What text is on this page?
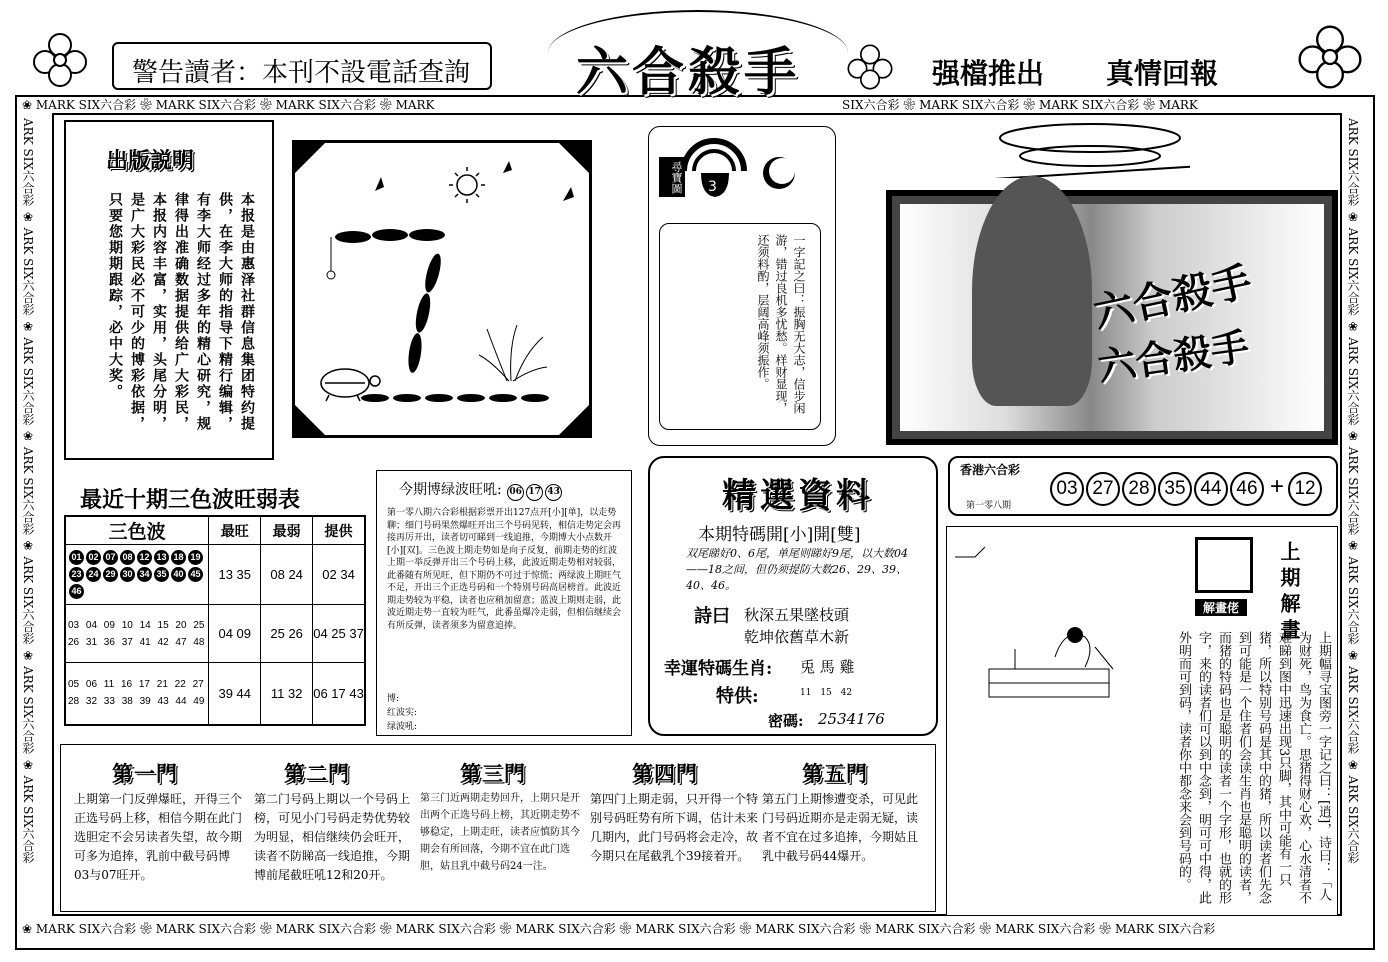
警告讀者：本刊不設電話查詢 六合殺手	强檔推出 真情回報
❀ MARK SIX六合彩 ❀ MARK SIX六合彩 ❀ MARK SIX六合彩 ❀ MARK	SIX六合彩 ❀ MARK SIX六合彩 ❀ MARK SIX六合彩 ❀ MARK
❀ MARK SIX六合彩 ❀ MARK SIX六合彩 ❀ MARK SIX六合彩 ❀ MARK SIX六合彩 ❀ MARK SIX六合彩 ❀ MARK SIX六合彩 ❀ MARK SIX六合彩 ❀ MARK SIX六合彩 ❀ MARK SIX六合彩 ❀ MARK SIX六合彩
ARK SIX六合彩 ❀ ARK SIX六合彩 ❀ ARK SIX六合彩 ❀ ARK SIX六合彩 ❀ ARK SIX六合彩 ❀ ARK SIX六合彩 ❀ ARK SIX六合彩	ARK SIX六合彩 ❀ ARK SIX六合彩 ❀ ARK SIX六合彩 ❀ ARK SIX六合彩 ❀ ARK SIX六合彩 ❀ ARK SIX六合彩 ❀ ARK SIX六合彩
出版説明
本报是由惠泽社群信息集团特约提供，在李大师的指导下精行编辑，有李大师经过多年的精心研究，规律得出准确数据提供给广大彩民，本报内容丰富，实用，头尾分明，是广大彩民必不可少的博彩依据，只要您期期跟踪，必中大奖。
尋寶圖 3
一字記之曰：振胸无大志，信步闲游，错过良机多忧愁。样财显现，还须料酌，层阔高峰须振作。	六合殺手
六合殺手
最近十期三色波旺弱表
三色波	最旺	最弱	提供
01 02 07 08 12 13 18 1923 24 29 30 34 35 40 4546	13 35	08 24	02 34
03 04 09 10 14 15 20 25 26 31 36 37 41 42 47 48	04 09	25 26	04 25 37
05 06 11 16 17 21 22 27 28 32 33 38 39 43 44 49	39 44	11 32	06 17 43
今期博绿波旺吼: 06 17 43
第一零八期六合彩根据彩票开出127点开[小][单]，以走势聊；细门号码果然爆旺开出三个号码见转，相信走势定会再接再厉开出，读者切可睇到一线追推，今期博大小点数开[小][双]。三色波上期走势如是向子反复，前期走势的红波上期一举反弹开出三个号码上移，此波近期走势相对较弱，此番随有所见旺，但下期仍不可过于惊慌；两绿波上期旺气不足，开出三个正选号码和一个特别号码高居榜首。此波近期走势较为平稳，读者也应稍加留意；蓝波上期则走弱，此波近期走势一直较为旺气，此番虽爆冷走弱，但相信继续会有所反弹，读者须多为留意追捧。
博:
红波实:
绿波吼:
精選資料
本期特碼開[小]開[雙]
双尾睇好0、6尾，单尾则睇好9尾，以大数04——18之间，但仍须提防大数26、29、39、40、46。
詩曰 秋深五果墜枝頭
乾坤依舊草木新
幸運特碼生肖: 兎 馬 雞
特供:	11 15 42
密碼: 2534176
香港六合彩
第一零八期
03 27 28 35 44 46 + 12
解畫佬	上期解畫
上期幅寻宝图旁一字记之曰：[逍]，诗曰：「人为财死，鸟为食亡。思猪得财心欢，心水清者不难睇到图中迅速出现3只脚，其中可能有一只猪，所以特别号码是其中的猪，所以读者们先念到可能是一个住者们会读生肖也是聪明的读者，而猪的特码也是聪明的读者一个字形，也就的形字，来的读者们可以到中念到，明可可中得，此外明而可到码，读者你中都念来会到号码的。
第一門
上期第一门反弹爆旺，开得三个正选号码上移，相信今期在此门选胆定不会另读者失望，故今期可多为追捧，乳前中截号码博03与07旺开。
第二門
第二门号码上期以一个号码上榜，可见小门号码走势优势较为明显，相信继续仍会旺开，读者不防睇高一线追推，今期博前尾截旺吼12和20开。
第三門
第三门近两期走势回升，上期只是开出两个正选号码上榜，其近期走势不够稳定，上期走旺，读者应慎防其今期会有所回落，今期不宜在此门选胆，姑且乳中截号码24一注。
第四門
第四门上期走弱，只开得一个特别号码旺势有所下调，估计未来几期内，此门号码将会走冷，故今期只在尾截乳个39接着开。
第五門
第五门上期惨遭变杀，可见此门号码近期亦是走弱无疑，读者不宜在过多追捧，今期姑且乳中截号码44爆开。
